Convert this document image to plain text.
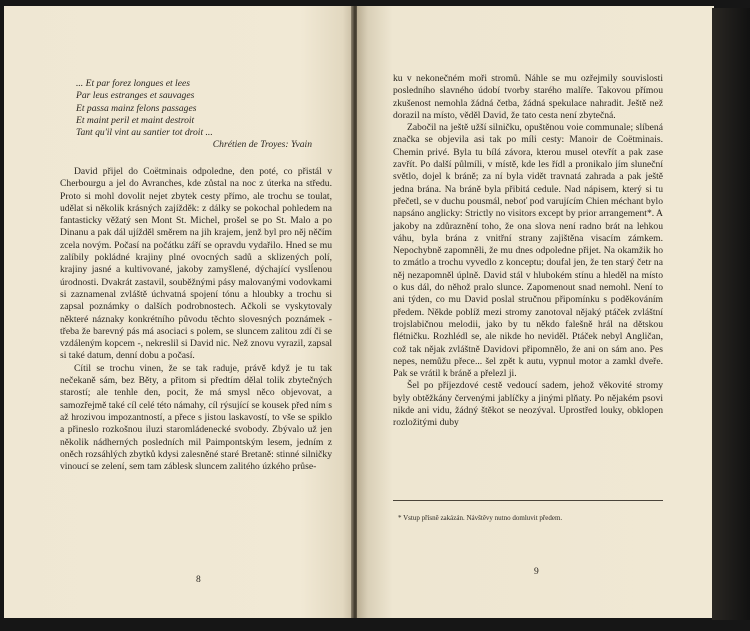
... Et par forez longues et lees
Par leus estranges et sauvages
Et passa mainz felons passages
Et maint peril et maint destroit
Tant qu'il vint au santier tot droit ...
Chrétien de Troyes: Yvain

David přijel do Coëtminais odpoledne, den poté, co přistál v Cherbourgu a jel do Avranches, kde zůstal na noc z úterka na středu. Proto si mohl dovolit nejet zbytek cesty přímo, ale trochu se toulat, udělat si několik krásných zajížděk: z dálky se pokochal pohledem na fantasticky věžatý sen Mont St. Michel, prošel se po St. Malo a po Dinanu a pak dál ujížděl směrem na jih krajem, jenž byl pro něj něčím zcela novým. Počasí na počátku září se opravdu vydařilo. Hned se mu zalíbily pokládné krajiny plné ovocných sadů a sklizených polí, krajiny jasné a kultivované, jakoby zamyšlené, dýchající vyslĺenou úrodnosti. Dvakrát zastavil, souběžnými pásy malovanými vodovkami si zaznamenal zvláště úchvatná spojení tónu a hloubky a trochu si zapsal poznámky o dalších podrobnostech. Ačkoli se vyskytovaly některé náznaky konkrétního původu těchto slovesných poznámek - třeba že barevný pás má asociaci s polem, se sluncem zalitou zdí či se vzdáleným kopcem -, nekreslil si David nic. Než znovu vyrazil, zapsal si také datum, denní dobu a počasí.

Cítil se trochu vinen, že se tak raduje, právě když je tu tak nečekaně sám, bez Běty, a přitom si předtím dělal tolik zbytečných starostí; ale tenhle den, pocit, že má smysl něco objevovat, a samozřejmě také cíl celé této námahy, cíl rýsující se kousek před ním s až hrozivou impozantností, a přece s jistou laskavostí, to vše se spiklo a přineslo rozkošnou iluzi staromládenecké svobody. Zbývalo už jen několik nádherných posledních mil Paimpontským lesem, jedním z oněch rozsáhlých zbytků kdysi zalesněné staré Bretaně: stinné silničky vinoucí se zelení, sem tam záblesk sluncem zalitého úzkého průse-

ku v nekonečném moři stromů. Náhle se mu ozřejmily souvislosti posledního slavného údobí tvorby starého malíře. Takovou přímou zkušenost nemohla žádná četba, žádná spekulace nahradit. Ještě než dorazil na místo, věděl David, že tato cesta není zbytečná.

Zabočil na ještě užší silničku, opuštěnou voie communale; slíbená značka se objevila asi tak po míli cesty: Manoir de Coëtminais. Chemin privé. Byla tu bílá závora, kterou musel otevřít a pak zase zavřít. Po další půlmíli, v místě, kde les řídl a pronikalo jím sluneční světlo, dojel k bráně; za ní byla vidět travnatá zahrada a pak ještě jedna brána. Na bráně byla přibitá cedule. Nad nápisem, který si tu přečetl, se v duchu pousmál, neboť pod varujícím Chien méchant bylo napsáno anglicky: Strictly no visitors except by prior arrangement*. A jakoby na zdůraznění toho, že ona slova není radno brát na lehkou váhu, byla brána z vnitřní strany zajištěna visacím zámkem. Nepochybně zapomněli, že mu dnes odpoledne přijet. Na okamžik ho to zmátlo a trochu vyvedlo z konceptu; doufal jen, že ten starý četr na něj nezapomněl úplně. David stál v hlubokém stínu a hleděl na místo o kus dál, do něhož pralo slunce. Zapomenout snad nemohl. Není to ani týden, co mu David poslal stručnou připomínku s poděkováním předem. Někde poblíž mezi stromy zanotoval nějaký ptáček zvláštní trojslabičnou melodii, jako by tu někdo falešně hrál na dětskou flétničku. Rozhlédl se, ale nikde ho neviděl. Ptáček nebyl Angličan, což tak nějak zvláštně Davidovi připomnělo, že ani on sám ano. Pes nepes, nemůžu přece... šel zpět k autu, vypnul motor a zamkl dveře. Pak se vrátil k bráně a přelezl ji.

Šel po příjezdové cestě vedoucí sadem, jehož věkovité stromy byly obtěžkány červenými jablíčky a jinými plňaty. Po nějakém psovi nikde ani vidu, žádný štěkot se neozýval. Uprostřed louky, obklopen rozložitými duby

* Vstup přísně zakázán. Návštěvy nutno domluvit předem.
8
9
